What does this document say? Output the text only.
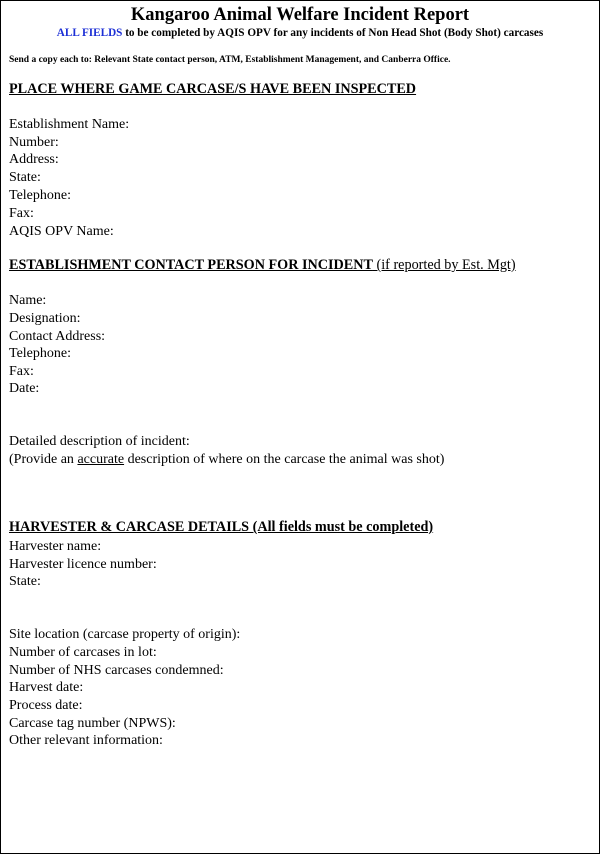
Kangaroo Animal Welfare Incident Report
ALL FIELDS to be completed by AQIS OPV for any incidents of Non Head Shot (Body Shot) carcases
Send a copy each to: Relevant State contact person, ATM, Establishment Management, and Canberra Office.
PLACE WHERE GAME CARCASE/S HAVE BEEN INSPECTED
Establishment Name:
Number:
Address:
State:
Telephone:
Fax:
AQIS OPV Name:
ESTABLISHMENT CONTACT PERSON FOR INCIDENT (if reported by Est. Mgt)
Name:
Designation:
Contact Address:
Telephone:
Fax:
Date:
Detailed description of incident:
(Provide an accurate description of where on the carcase the animal was shot)
HARVESTER & CARCASE DETAILS (All fields must be completed)
Harvester name:
Harvester licence number:
State:
Site location (carcase property of origin):
Number of carcases in lot:
Number of NHS carcases condemned:
Harvest date:
Process date:
Carcase tag number (NPWS):
Other relevant information:
